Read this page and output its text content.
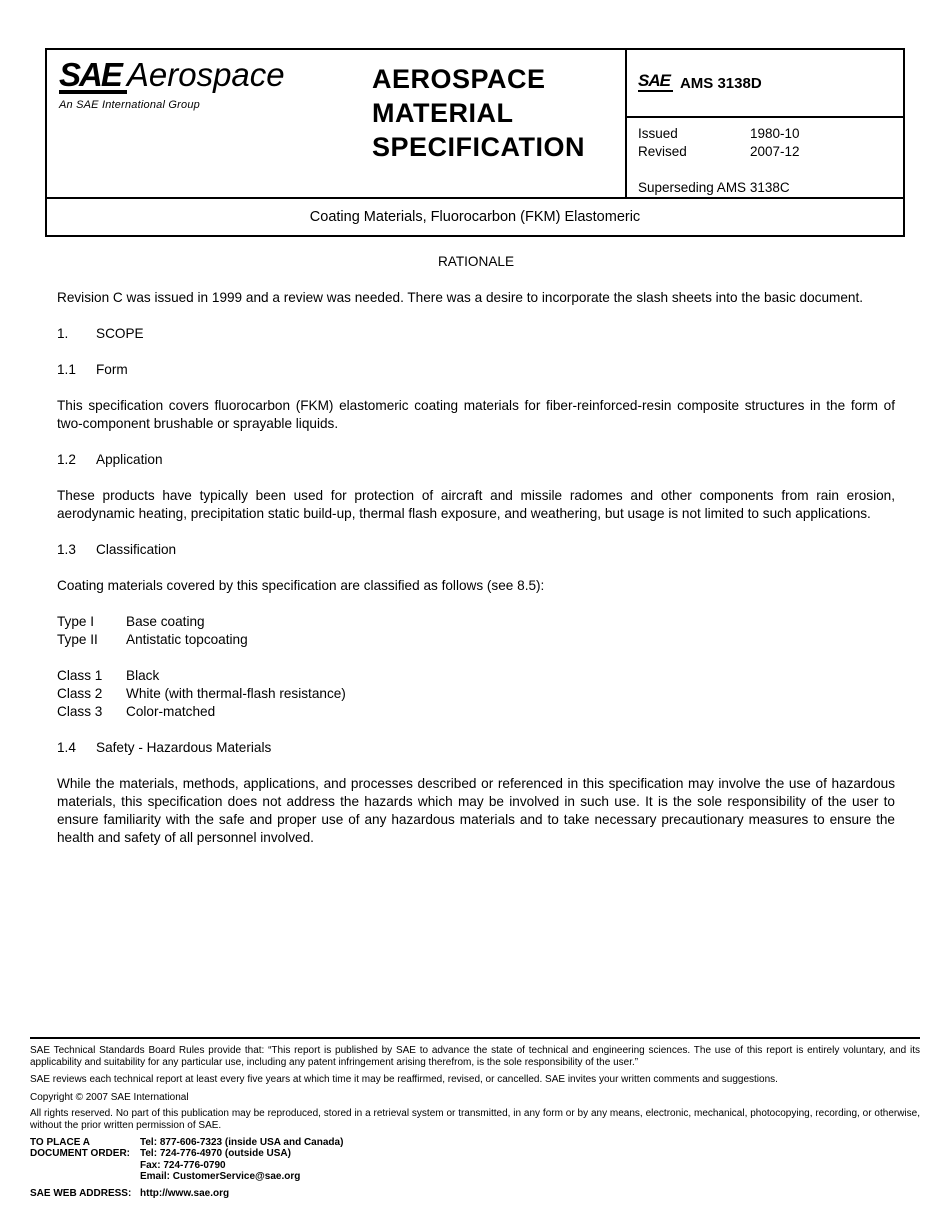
SAE Aerospace
An SAE International Group
AEROSPACE MATERIAL SPECIFICATION
SAE AMS 3138D
Issued	1980-10
Revised	2007-12
Superseding AMS 3138C
Coating Materials, Fluorocarbon (FKM) Elastomeric

RATIONALE

Revision C was issued in 1999 and a review was needed. There was a desire to incorporate the slash sheets into the basic document.

1.	SCOPE

1.1	Form

This specification covers fluorocarbon (FKM) elastomeric coating materials for fiber-reinforced-resin composite structures in the form of two-component brushable or sprayable liquids.

1.2	Application

These products have typically been used for protection of aircraft and missile radomes and other components from rain erosion, aerodynamic heating, precipitation static build-up, thermal flash exposure, and weathering, but usage is not limited to such applications.

1.3	Classification

Coating materials covered by this specification are classified as follows (see 8.5):

Type I	Base coating
Type II	Antistatic topcoating
Class 1	Black
Class 2	White (with thermal-flash resistance)
Class 3	Color-matched

1.4	Safety - Hazardous Materials

While the materials, methods, applications, and processes described or referenced in this specification may involve the use of hazardous materials, this specification does not address the hazards which may be involved in such use. It is the sole responsibility of the user to ensure familiarity with the safe and proper use of any hazardous materials and to take necessary precautionary measures to ensure the health and safety of all personnel involved.

SAE Technical Standards Board Rules provide that: “This report is published by SAE to advance the state of technical and engineering sciences. The use of this report is entirely voluntary, and its applicability and suitability for any particular use, including any patent infringement arising therefrom, is the sole responsibility of the user.”

SAE reviews each technical report at least every five years at which time it may be reaffirmed, revised, or cancelled. SAE invites your written comments and suggestions.

Copyright © 2007 SAE International

All rights reserved. No part of this publication may be reproduced, stored in a retrieval system or transmitted, in any form or by any means, electronic, mechanical, photocopying, recording, or otherwise, without the prior written permission of SAE.

TO PLACE A DOCUMENT ORDER:
Tel: 877-606-7323 (inside USA and Canada)
Tel: 724-776-4970 (outside USA)
Fax: 724-776-0790
Email: CustomerService@sae.org
SAE WEB ADDRESS: http://www.sae.org
